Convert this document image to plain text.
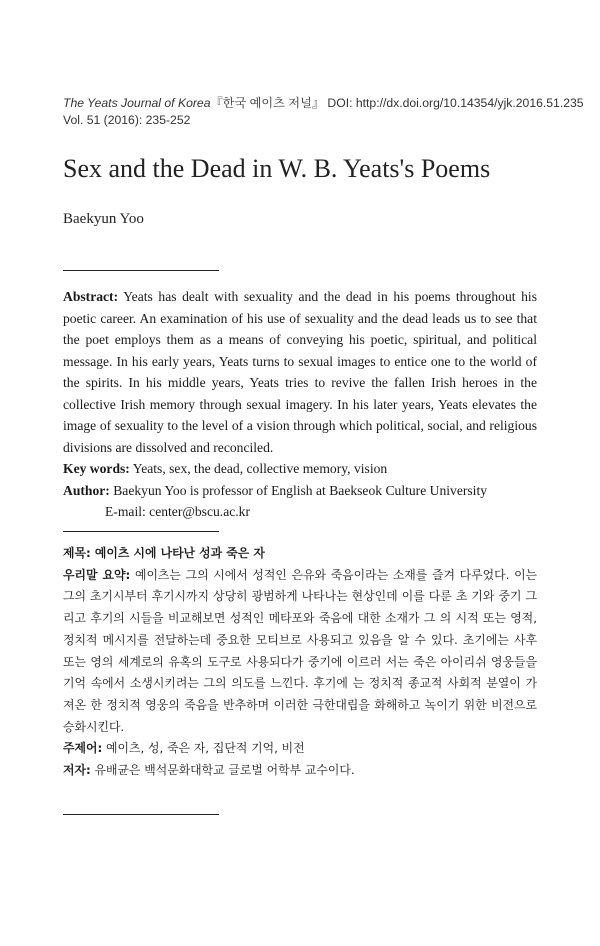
The Yeats Journal of Korea『한국 예이츠 저널』 DOI: http://dx.doi.org/10.14354/yjk.2016.51.235
Vol. 51 (2016): 235-252
Sex and the Dead in W. B. Yeats's Poems
Baekyun Yoo

Abstract: Yeats has dealt with sexuality and the dead in his poems throughout his poetic career. An examination of his use of sexuality and the dead leads us to see that the poet employs them as a means of conveying his poetic, spiritual, and political message. In his early years, Yeats turns to sexual images to entice one to the world of the spirits. In his middle years, Yeats tries to revive the fallen Irish heroes in the collective Irish memory through sexual imagery. In his later years, Yeats elevates the image of sexuality to the level of a vision through which political, social, and religious divisions are dissolved and reconciled.

Key words: Yeats, sex, the dead, collective memory, vision

Author: Baekyun Yoo is professor of English at Baekseok Culture University

E-mail: center@bscu.ac.kr

제목: 예이츠 시에 나타난 성과 죽은 자

우리말 요약: 예이츠는 그의 시에서 성적인 은유와 죽음이라는 소재를 즐겨 다루었다. 이는 그의 초기시부터 후기시까지 상당히 광범하게 나타나는 현상인데 이를 다룬 초 기와 중기 그리고 후기의 시들을 비교해보면 성적인 메타포와 죽음에 대한 소재가 그 의 시적 또는 영적, 정치적 메시지를 전달하는데 중요한 모티브로 사용되고 있음을 알 수 있다. 초기에는 사후 또는 영의 세계로의 유혹의 도구로 사용되다가 중기에 이르러 서는 죽은 아이리쉬 영웅들을 기억 속에서 소생시키려는 그의 의도를 느낀다. 후기에 는 정치적 종교적 사회적 분열이 가져온 한 정치적 영웅의 죽음을 반추하며 이러한 극한대립을 화해하고 녹이기 위한 비전으로 승화시킨다.

주제어: 예이츠, 성, 죽은 자, 집단적 기억, 비전

저자: 유배균은 백석문화대학교 글로벌 어학부 교수이다.
